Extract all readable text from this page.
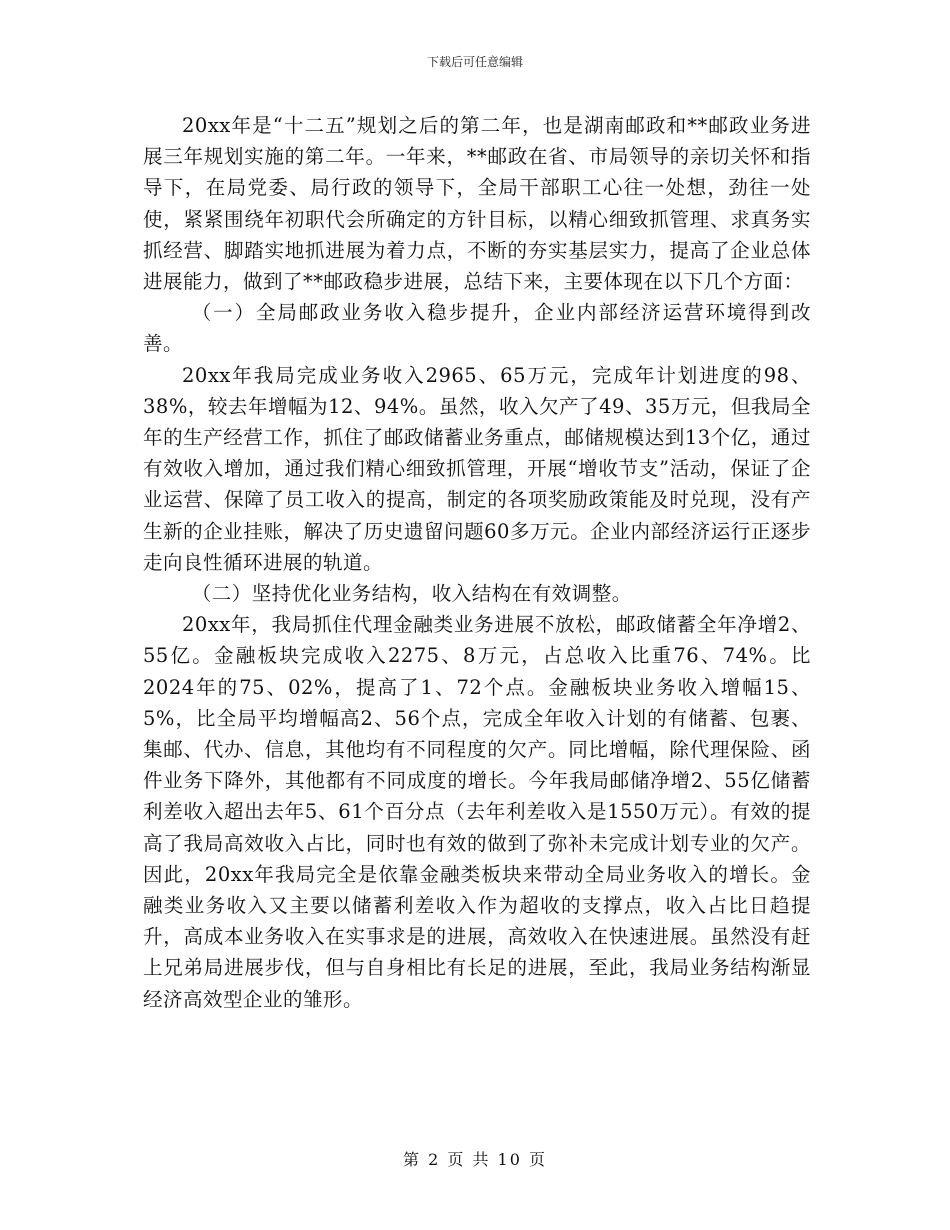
下载后可任意编辑

20xx年是“十二五”规划之后的第二年，也是湖南邮政和**邮政业务进展三年规划实施的第二年。一年来，**邮政在省、市局领导的亲切关怀和指导下，在局党委、局行政的领导下，全局干部职工心往一处想，劲往一处使，紧紧围绕年初职代会所确定的方针目标，以精心细致抓管理、求真务实抓经营、脚踏实地抓进展为着力点，不断的夯实基层实力，提高了企业总体进展能力，做到了**邮政稳步进展，总结下来，主要体现在以下几个方面：

（一）全局邮政业务收入稳步提升，企业内部经济运营环境得到改善。

20xx年我局完成业务收入2965、65万元，完成年计划进度的98、38%，较去年增幅为12、94%。虽然，收入欠产了49、35万元，但我局全年的生产经营工作，抓住了邮政储蓄业务重点，邮储规模达到13个亿，通过有效收入增加，通过我们精心细致抓管理，开展“增收节支”活动，保证了企业运营、保障了员工收入的提高，制定的各项奖励政策能及时兑现，没有产生新的企业挂账，解决了历史遗留问题60多万元。企业内部经济运行正逐步走向良性循环进展的轨道。

（二）坚持优化业务结构，收入结构在有效调整。

20xx年，我局抓住代理金融类业务进展不放松，邮政储蓄全年净增2、55亿。金融板块完成收入2275、8万元，占总收入比重76、74%。比2024年的75、02%，提高了1、72个点。金融板块业务收入增幅15、5%，比全局平均增幅高2、56个点，完成全年收入计划的有储蓄、包裹、集邮、代办、信息，其他均有不同程度的欠产。同比增幅，除代理保险、函件业务下降外，其他都有不同成度的增长。今年我局邮储净增2、55亿储蓄利差收入超出去年5、61个百分点（去年利差收入是1550万元）。有效的提高了我局高效收入占比，同时也有效的做到了弥补未完成计划专业的欠产。因此，20xx年我局完全是依靠金融类板块来带动全局业务收入的增长。金融类业务收入又主要以储蓄利差收入作为超收的支撑点，收入占比日趋提升，高成本业务收入在实事求是的进展，高效收入在快速进展。虽然没有赶上兄弟局进展步伐，但与自身相比有长足的进展，至此，我局业务结构渐显经济高效型企业的雏形。

第 2 页 共 10 页
